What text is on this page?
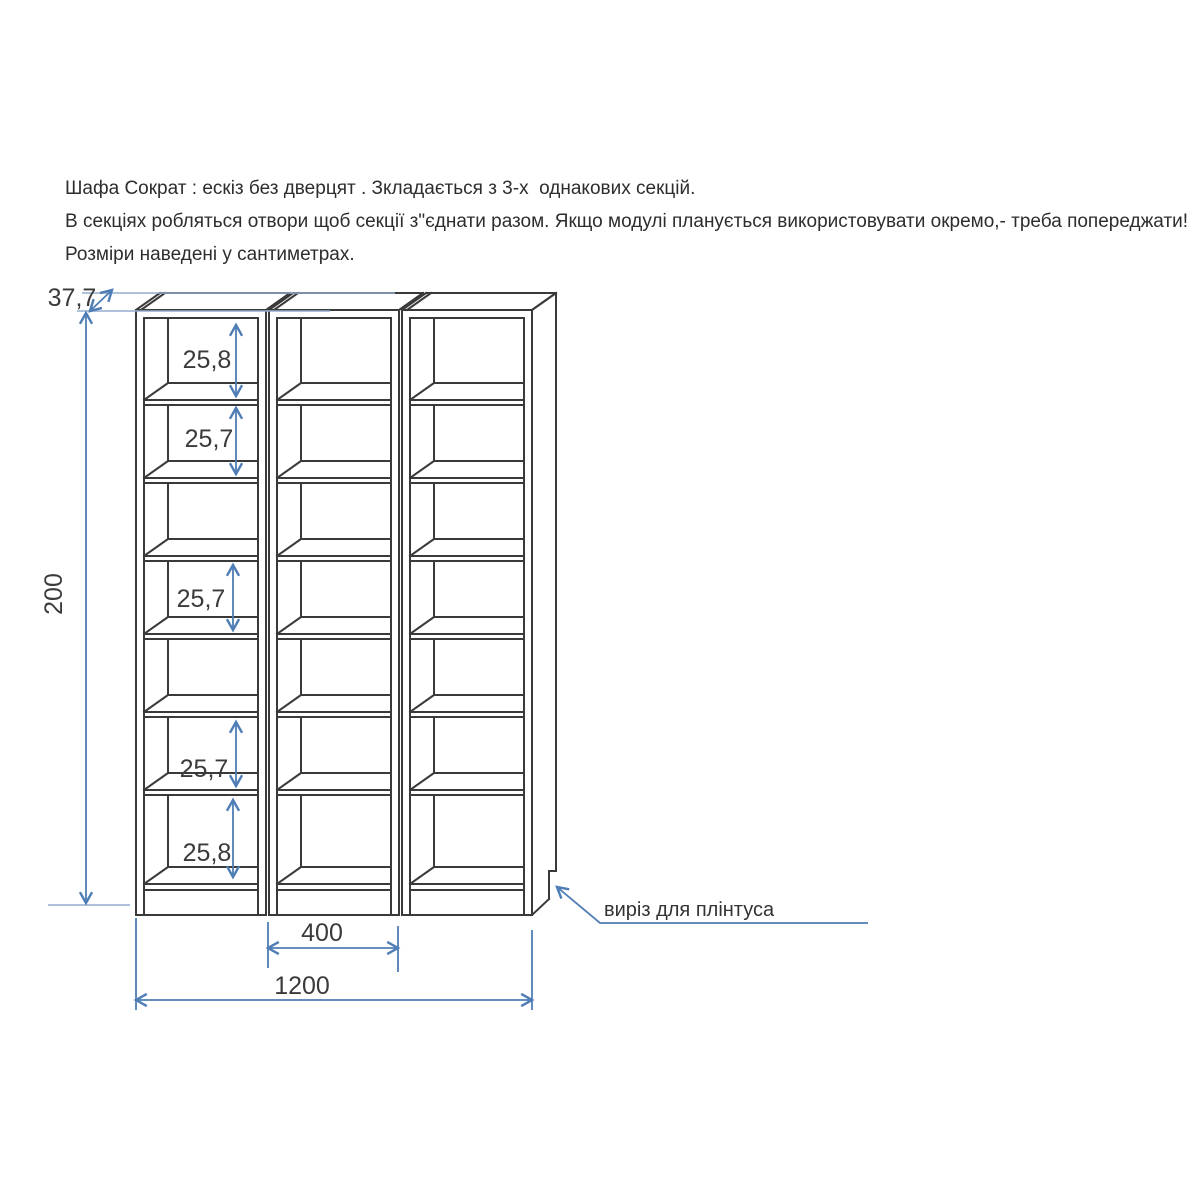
Шафа Сократ : ескіз без дверцят . Зкладається з 3-х  однакових секцій.
В секціях робляться отвори щоб секції з"єднати разом. Якщо модулі планується використовувати окремо,- треба попереджати!
Розміри наведені у сантиметрах.
37,7
200
25,8
25,7
25,7
25,7
25,8
400
1200
виріз для плінтуса
